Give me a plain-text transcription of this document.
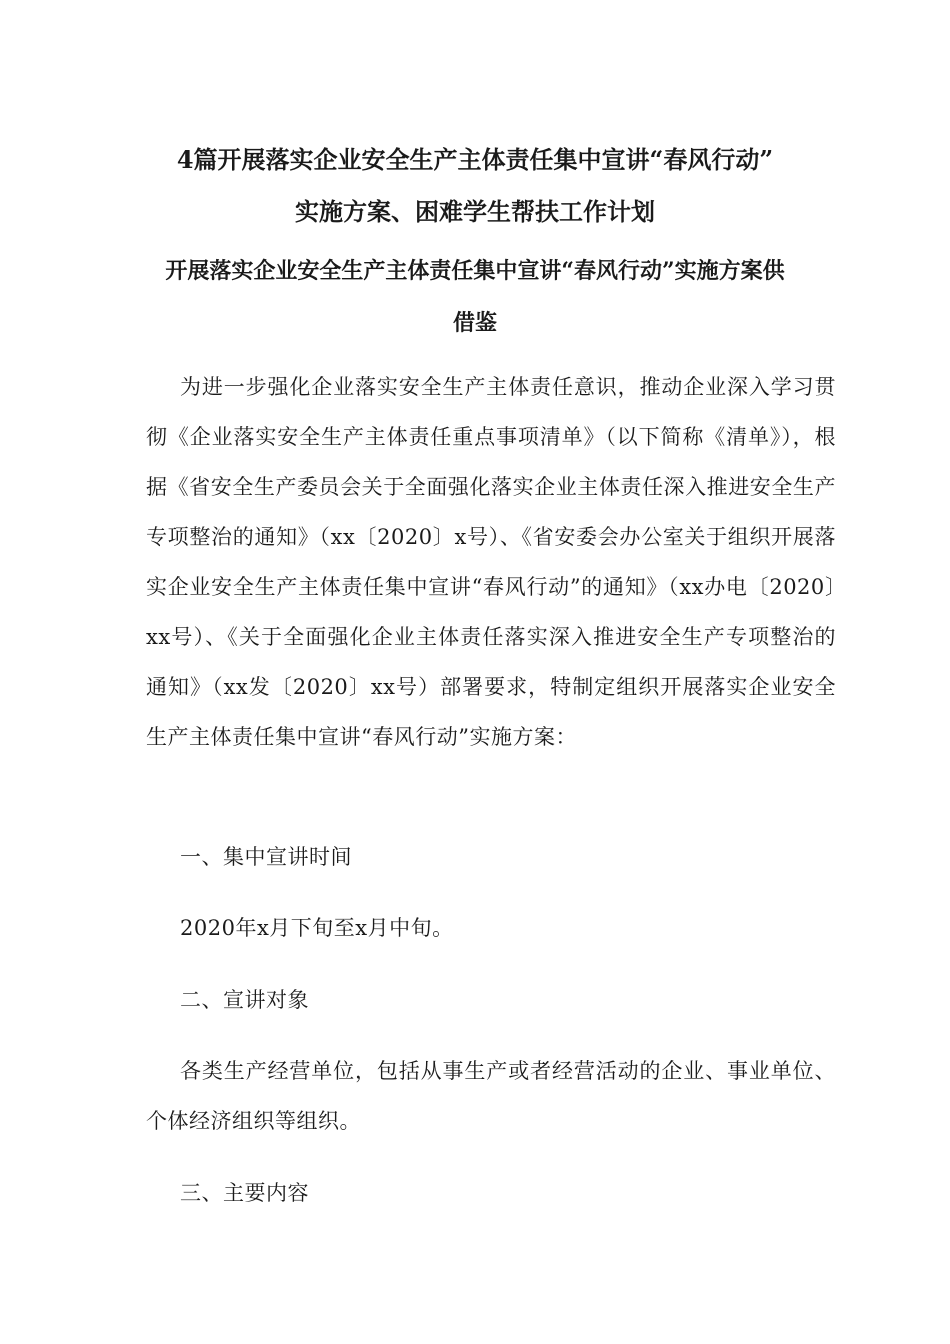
4篇开展落实企业安全生产主体责任集中宣讲“春风行动”
实施方案、困难学生帮扶工作计划
开展落实企业安全生产主体责任集中宣讲“春风行动”实施方案供
借鉴

为进一步强化企业落实安全生产主体责任意识，推动企业深入学习贯彻《企业落实安全生产主体责任重点事项清单》（以下简称《清单》），根据《省安全生产委员会关于全面强化落实企业主体责任深入推进安全生产专项整治的通知》（xx〔2020〕x号）、《省安委会办公室关于组织开展落实企业安全生产主体责任集中宣讲“春风行动”的通知》（xx办电〔2020〕xx号）、《关于全面强化企业主体责任落实深入推进安全生产专项整治的通知》（xx发〔2020〕xx号）部署要求，特制定组织开展落实企业安全生产主体责任集中宣讲“春风行动”实施方案：

一、集中宣讲时间

2020年x月下旬至x月中旬。

二、宣讲对象

各类生产经营单位，包括从事生产或者经营活动的企业、事业单位、个体经济组织等组织。

三、主要内容
